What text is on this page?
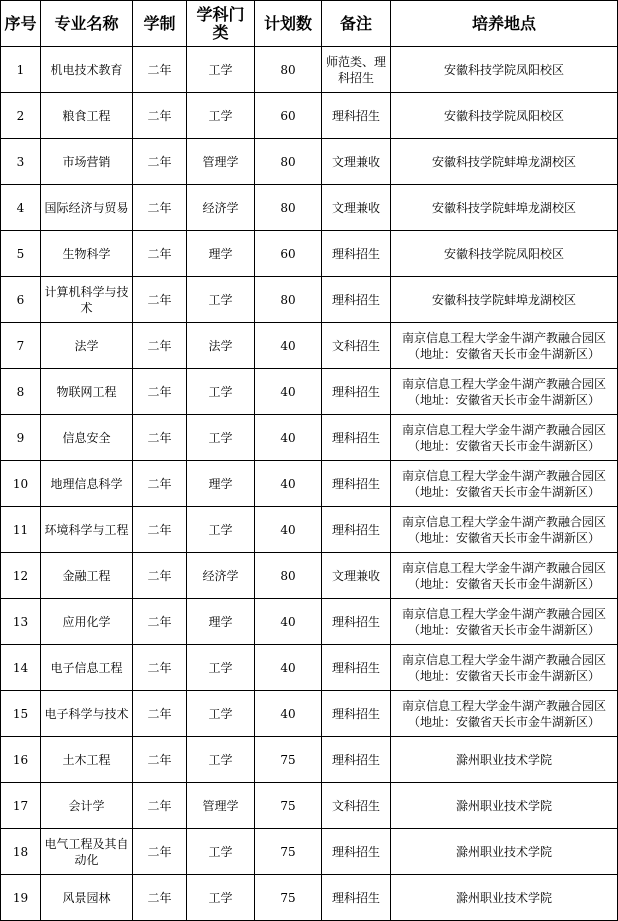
序号	专业名称	学制	学科门类	计划数	备注	培养地点
1	机电技术教育	二年	工学	80	师范类、理科招生	安徽科技学院凤阳校区

2	粮食工程	二年	工学	60	理科招生	安徽科技学院凤阳校区

3	市场营销	二年	管理学	80	文理兼收	安徽科技学院蚌埠龙湖校区

4	国际经济与贸易	二年	经济学	80	文理兼收	安徽科技学院蚌埠龙湖校区

5	生物科学	二年	理学	60	理科招生	安徽科技学院凤阳校区

6	计算机科学与技术	二年	工学	80	理科招生	安徽科技学院蚌埠龙湖校区

7	法学	二年	法学	40	文科招生	南京信息工程大学金牛湖产教融合园区
（地址：安徽省天长市金牛湖新区）

8	物联网工程	二年	工学	40	理科招生	南京信息工程大学金牛湖产教融合园区
（地址：安徽省天长市金牛湖新区）

9	信息安全	二年	工学	40	理科招生	南京信息工程大学金牛湖产教融合园区
（地址：安徽省天长市金牛湖新区）

10	地理信息科学	二年	理学	40	理科招生	南京信息工程大学金牛湖产教融合园区
（地址：安徽省天长市金牛湖新区）

11	环境科学与工程	二年	工学	40	理科招生	南京信息工程大学金牛湖产教融合园区
（地址：安徽省天长市金牛湖新区）

12	金融工程	二年	经济学	80	文理兼收	南京信息工程大学金牛湖产教融合园区
（地址：安徽省天长市金牛湖新区）

13	应用化学	二年	理学	40	理科招生	南京信息工程大学金牛湖产教融合园区
（地址：安徽省天长市金牛湖新区）

14	电子信息工程	二年	工学	40	理科招生	南京信息工程大学金牛湖产教融合园区
（地址：安徽省天长市金牛湖新区）

15	电子科学与技术	二年	工学	40	理科招生	南京信息工程大学金牛湖产教融合园区
（地址：安徽省天长市金牛湖新区）

16	土木工程	二年	工学	75	理科招生	滁州职业技术学院

17	会计学	二年	管理学	75	文科招生	滁州职业技术学院

18	电气工程及其自动化	二年	工学	75	理科招生	滁州职业技术学院

19	风景园林	二年	工学	75	理科招生	滁州职业技术学院
